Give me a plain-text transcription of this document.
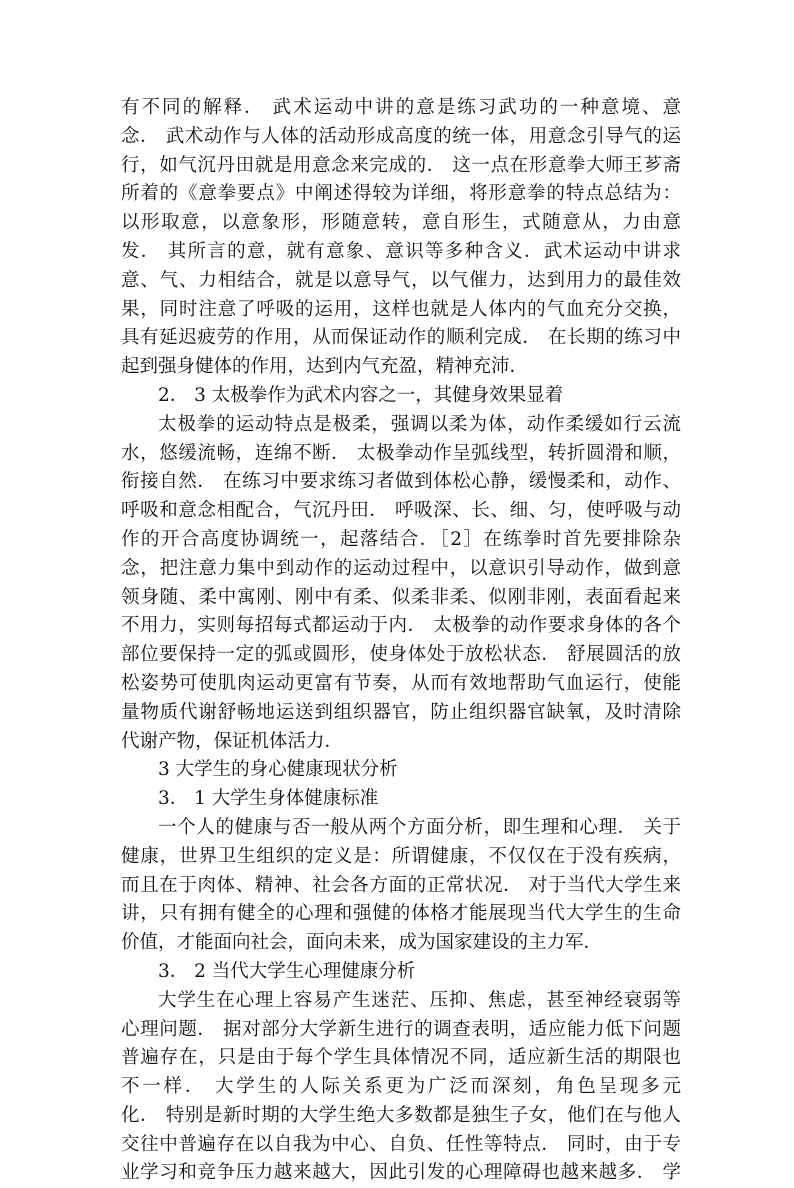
有不同的解释． 武术运动中讲的意是练习武功的一种意境、意
念． 武术动作与人体的活动形成高度的统一体，用意念引导气的运
行，如气沉丹田就是用意念来完成的． 这一点在形意拳大师王芗斋
所着的《意拳要点》中阐述得较为详细，将形意拳的特点总结为：
以形取意，以意象形，形随意转，意自形生，式随意从，力由意
发． 其所言的意，就有意象、意识等多种含义．武术运动中讲求
意、气、力相结合，就是以意导气，以气催力，达到用力的最佳效
果，同时注意了呼吸的运用，这样也就是人体内的气血充分交换，
具有延迟疲劳的作用，从而保证动作的顺利完成． 在长期的练习中
起到强身健体的作用，达到内气充盈，精神充沛．
2． 3 太极拳作为武术内容之一，其健身效果显着
太极拳的运动特点是极柔，强调以柔为体，动作柔缓如行云流
水，悠缓流畅，连绵不断． 太极拳动作呈弧线型，转折圆滑和顺，
衔接自然． 在练习中要求练习者做到体松心静，缓慢柔和，动作、
呼吸和意念相配合，气沉丹田． 呼吸深、长、细、匀，使呼吸与动
作的开合高度协调统一，起落结合．［2］在练拳时首先要排除杂
念，把注意力集中到动作的运动过程中，以意识引导动作，做到意
领身随、柔中寓刚、刚中有柔、似柔非柔、似刚非刚，表面看起来
不用力，实则每招每式都运动于内． 太极拳的动作要求身体的各个
部位要保持一定的弧或圆形，使身体处于放松状态． 舒展圆活的放
松姿势可使肌肉运动更富有节奏，从而有效地帮助气血运行，使能
量物质代谢舒畅地运送到组织器官，防止组织器官缺氧，及时清除
代谢产物，保证机体活力．
3 大学生的身心健康现状分析
3． 1 大学生身体健康标准
一个人的健康与否一般从两个方面分析，即生理和心理． 关于
健康，世界卫生组织的定义是：所谓健康，不仅仅在于没有疾病，
而且在于肉体、精神、社会各方面的正常状况． 对于当代大学生来
讲，只有拥有健全的心理和强健的体格才能展现当代大学生的生命
价值，才能面向社会，面向未来，成为国家建设的主力军．
3． 2 当代大学生心理健康分析
大学生在心理上容易产生迷茫、压抑、焦虑，甚至神经衰弱等
心理问题． 据对部分大学新生进行的调查表明，适应能力低下问题
普遍存在，只是由于每个学生具体情况不同，适应新生活的期限也
不一样． 大学生的人际关系更为广泛而深刻，角色呈现多元
化． 特别是新时期的大学生绝大多数都是独生子女，他们在与他人
交往中普遍存在以自我为中心、自负、任性等特点． 同时，由于专
业学习和竞争压力越来越大，因此引发的心理障碍也越来越多． 学
